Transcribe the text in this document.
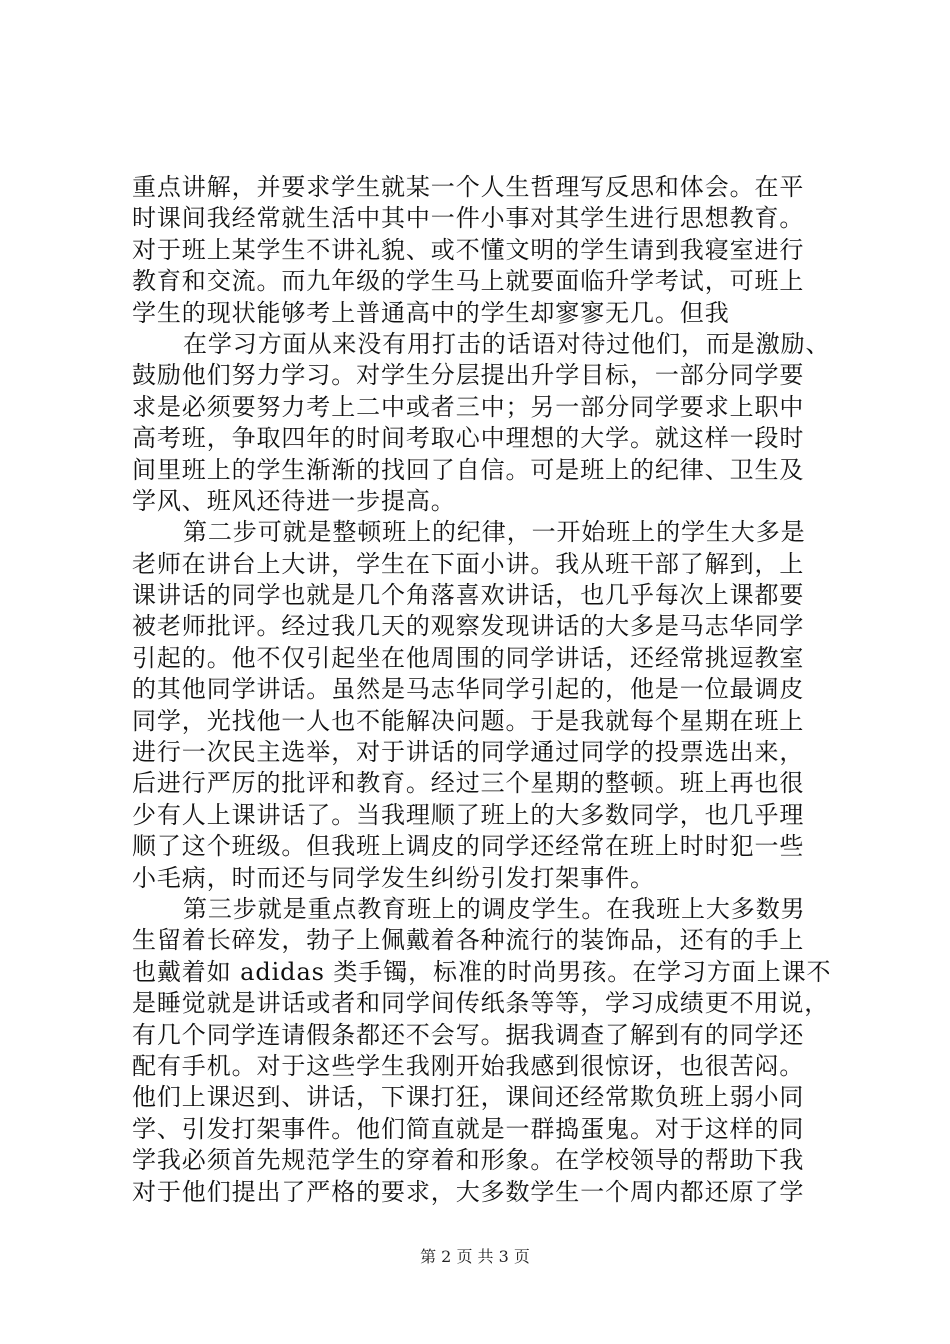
重点讲解，并要求学生就某一个人生哲理写反思和体会。在平
时课间我经常就生活中其中一件小事对其学生进行思想教育。
对于班上某学生不讲礼貌、或不懂文明的学生请到我寝室进行
教育和交流。而九年级的学生马上就要面临升学考试，可班上
学生的现状能够考上普通高中的学生却寥寥无几。但我
在学习方面从来没有用打击的话语对待过他们，而是激励、
鼓励他们努力学习。对学生分层提出升学目标，一部分同学要
求是必须要努力考上二中或者三中；另一部分同学要求上职中
高考班，争取四年的时间考取心中理想的大学。就这样一段时
间里班上的学生渐渐的找回了自信。可是班上的纪律、卫生及
学风、班风还待进一步提高。
第二步可就是整顿班上的纪律，一开始班上的学生大多是
老师在讲台上大讲，学生在下面小讲。我从班干部了解到，上
课讲话的同学也就是几个角落喜欢讲话，也几乎每次上课都要
被老师批评。经过我几天的观察发现讲话的大多是马志华同学
引起的。他不仅引起坐在他周围的同学讲话，还经常挑逗教室
的其他同学讲话。虽然是马志华同学引起的，他是一位最调皮
同学，光找他一人也不能解决问题。于是我就每个星期在班上
进行一次民主选举，对于讲话的同学通过同学的投票选出来，
后进行严厉的批评和教育。经过三个星期的整顿。班上再也很
少有人上课讲话了。当我理顺了班上的大多数同学，也几乎理
顺了这个班级。但我班上调皮的同学还经常在班上时时犯一些
小毛病，时而还与同学发生纠纷引发打架事件。
第三步就是重点教育班上的调皮学生。在我班上大多数男
生留着长碎发，勃子上佩戴着各种流行的装饰品，还有的手上
也戴着如 adidas 类手镯，标准的时尚男孩。在学习方面上课不
是睡觉就是讲话或者和同学间传纸条等等，学习成绩更不用说，
有几个同学连请假条都还不会写。据我调查了解到有的同学还
配有手机。对于这些学生我刚开始我感到很惊讶，也很苦闷。
他们上课迟到、讲话，下课打狂，课间还经常欺负班上弱小同
学、引发打架事件。他们简直就是一群捣蛋鬼。对于这样的同
学我必须首先规范学生的穿着和形象。在学校领导的帮助下我
对于他们提出了严格的要求，大多数学生一个周内都还原了学
第 2 页 共 3 页
